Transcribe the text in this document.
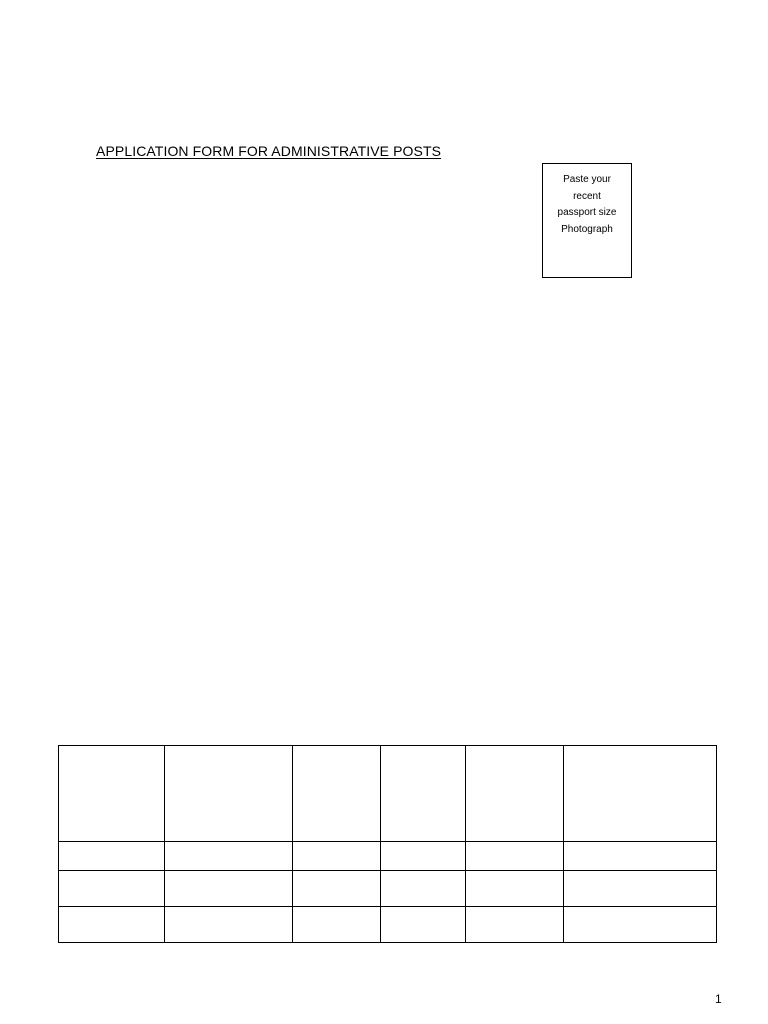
APPLICATION FORM FOR ADMINISTRATIVE POSTS
Paste your
recent
passport size
Photograph

1
